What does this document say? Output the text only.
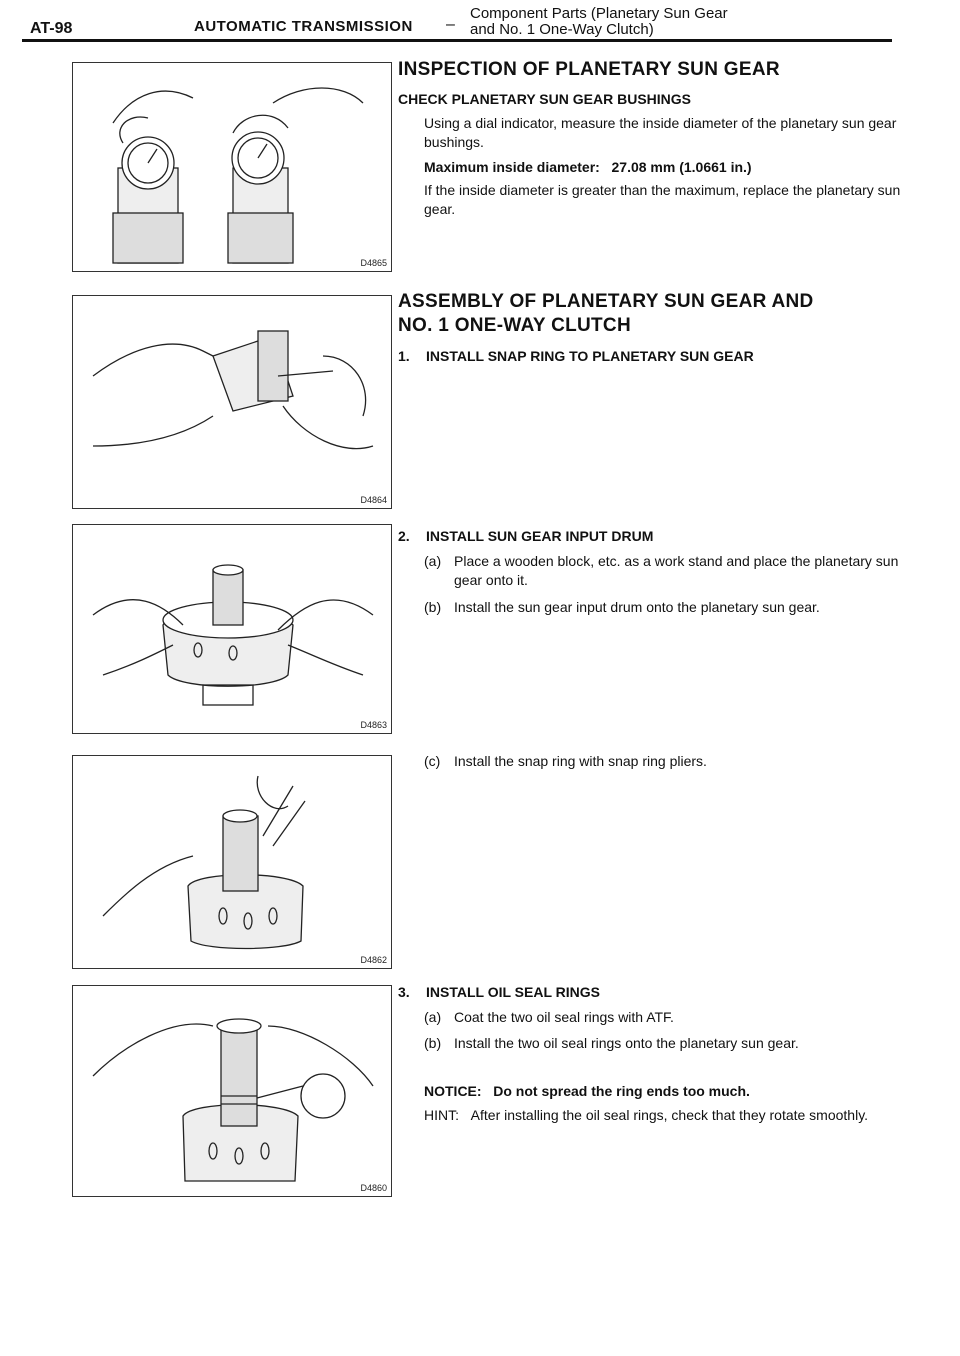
AT-98	AUTOMATIC TRANSMISSION –
Component Parts (Planetary Sun Gear
and No. 1 One-Way Clutch)
D4865
D4864
D4863
D4862
D4860
INSPECTION OF PLANETARY SUN GEAR
CHECK PLANETARY SUN GEAR BUSHINGS

Using a dial indicator, measure the inside diameter of the planetary sun gear bushings.

Maximum inside diameter: 27.08 mm (1.0661 in.)

If the inside diameter is greater than the maximum, replace the planetary sun gear.

ASSEMBLY OF PLANETARY SUN GEAR AND
NO. 1 ONE-WAY CLUTCH
1. INSTALL SNAP RING TO PLANETARY SUN GEAR
2. INSTALL SUN GEAR INPUT DRUM
(a) Place a wooden block, etc. as a work stand and place the planetary sun gear onto it.
(b) Install the sun gear input drum onto the planetary sun gear.
(c) Install the snap ring with snap ring pliers.
3. INSTALL OIL SEAL RINGS
(a) Coat the two oil seal rings with ATF.
(b) Install the two oil seal rings onto the planetary sun gear.
NOTICE: Do not spread the ring ends too much.
HINT: After installing the oil seal rings, check that they rotate smoothly.
